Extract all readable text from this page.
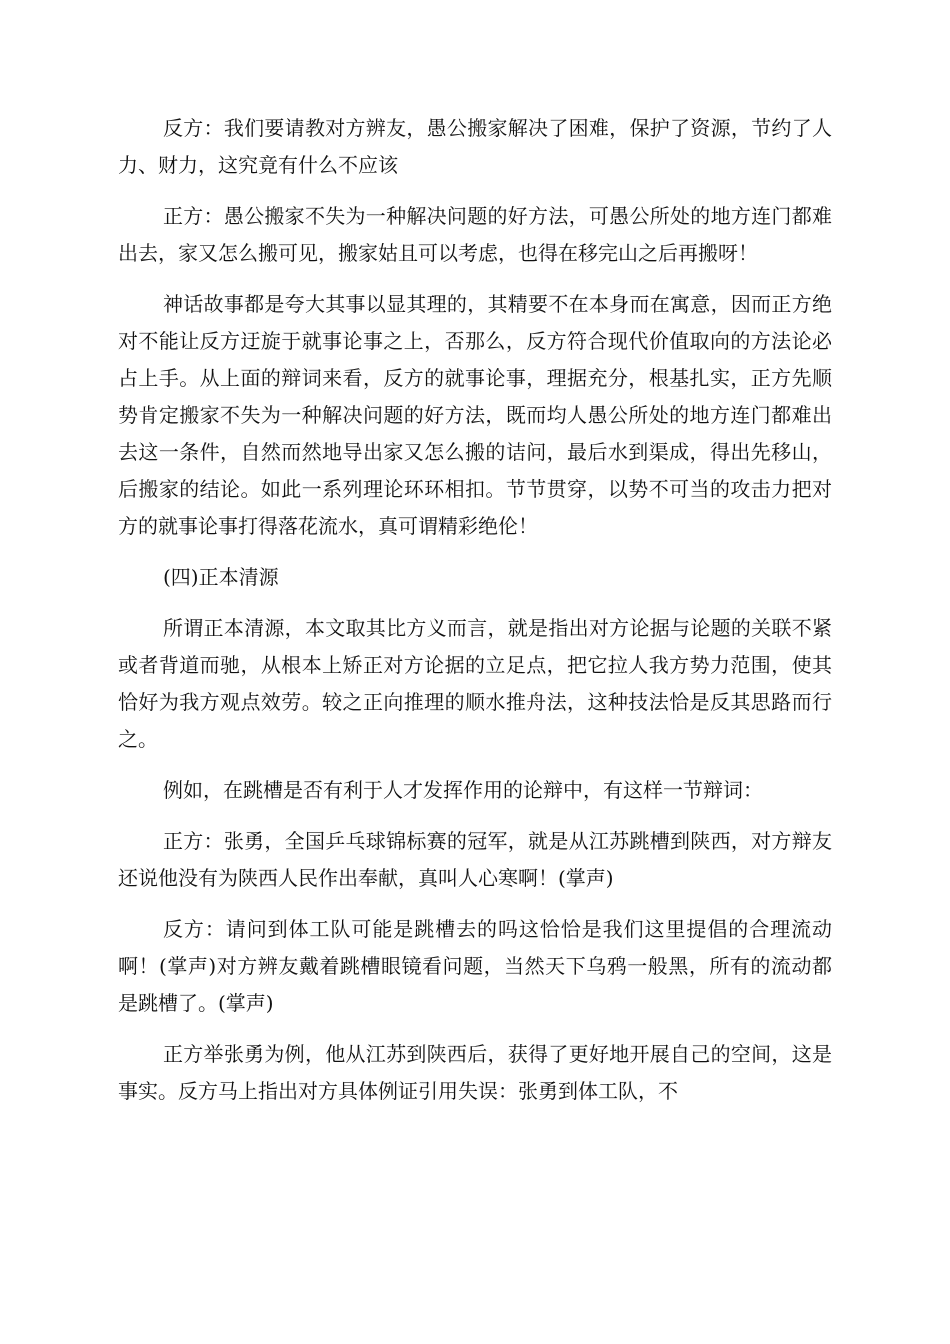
反方：我们要请教对方辨友，愚公搬家解决了困难，保护了资源，节约了人力、财力，这究竟有什么不应该

正方：愚公搬家不失为一种解决问题的好方法，可愚公所处的地方连门都难出去，家又怎么搬可见，搬家姑且可以考虑，也得在移完山之后再搬呀！

神话故事都是夸大其事以显其理的，其精要不在本身而在寓意，因而正方绝对不能让反方迂旋于就事论事之上，否那么，反方符合现代价值取向的方法论必占上手。从上面的辩词来看，反方的就事论事，理据充分，根基扎实，正方先顺势肯定搬家不失为一种解决问题的好方法，既而均人愚公所处的地方连门都难出去这一条件，自然而然地导出家又怎么搬的诘问，最后水到渠成，得出先移山，后搬家的结论。如此一系列理论环环相扣。节节贯穿，以势不可当的攻击力把对方的就事论事打得落花流水，真可谓精彩绝伦！

(四)正本清源

所谓正本清源，本文取其比方义而言，就是指出对方论据与论题的关联不紧或者背道而驰，从根本上矫正对方论据的立足点，把它拉人我方势力范围，使其恰好为我方观点效劳。较之正向推理的顺水推舟法，这种技法恰是反其思路而行之。

例如，在跳槽是否有利于人才发挥作用的论辩中，有这样一节辩词：

正方：张勇，全国乒乓球锦标赛的冠军，就是从江苏跳槽到陕西，对方辩友还说他没有为陕西人民作出奉献，真叫人心寒啊！(掌声)

反方：请问到体工队可能是跳槽去的吗这恰恰是我们这里提倡的合理流动啊！(掌声)对方辨友戴着跳槽眼镜看问题，当然天下乌鸦一般黑，所有的流动都是跳槽了。(掌声)

正方举张勇为例，他从江苏到陕西后，获得了更好地开展自己的空间，这是事实。反方马上指出对方具体例证引用失误：张勇到体工队，不
